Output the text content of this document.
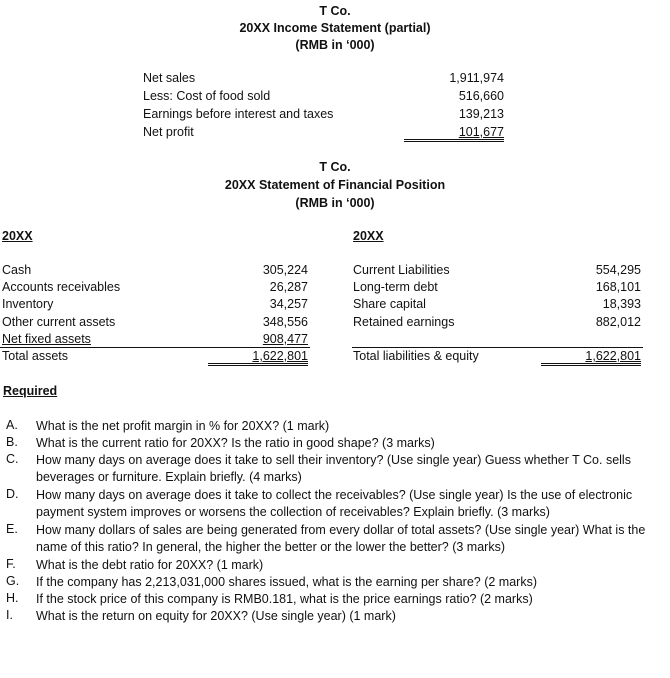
T Co.
20XX Income Statement (partial)
(RMB in ‘000)
Net sales	1,911,974
Less: Cost of food sold	516,660
Earnings before interest and taxes	139,213
Net profit	101,677
T Co.
20XX Statement of Financial Position
(RMB in ‘000)
20XX	20XX
Cash	305,224
Accounts receivables	26,287
Inventory	34,257
Other current assets	348,556
Net fixed assets	908,477
Total assets	1,622,801
Current Liabilities	554,295
Long-term debt	168,101
Share capital	18,393
Retained earnings	882,012
Total liabilities & equity	1,622,801
Required
A.	What is the net profit margin in % for 20XX? (1 mark)
B.	What is the current ratio for 20XX? Is the ratio in good shape? (3 marks)
C.	How many days on average does it take to sell their inventory? (Use single year) Guess whether T Co. sells beverages or furniture. Explain briefly. (4 marks)
D.	How many days on average does it take to collect the receivables? (Use single year) Is the use of electronic payment system improves or worsens the collection of receivables? Explain briefly. (3 marks)
E.	How many dollars of sales are being generated from every dollar of total assets? (Use single year) What is the name of this ratio? In general, the higher the better or the lower the better? (3 marks)
F.	What is the debt ratio for 20XX? (1 mark)
G.	If the company has 2,213,031,000 shares issued, what is the earning per share? (2 marks)
H.	If the stock price of this company is RMB0.181, what is the price earnings ratio? (2 marks)
I.	What is the return on equity for 20XX? (Use single year) (1 mark)
